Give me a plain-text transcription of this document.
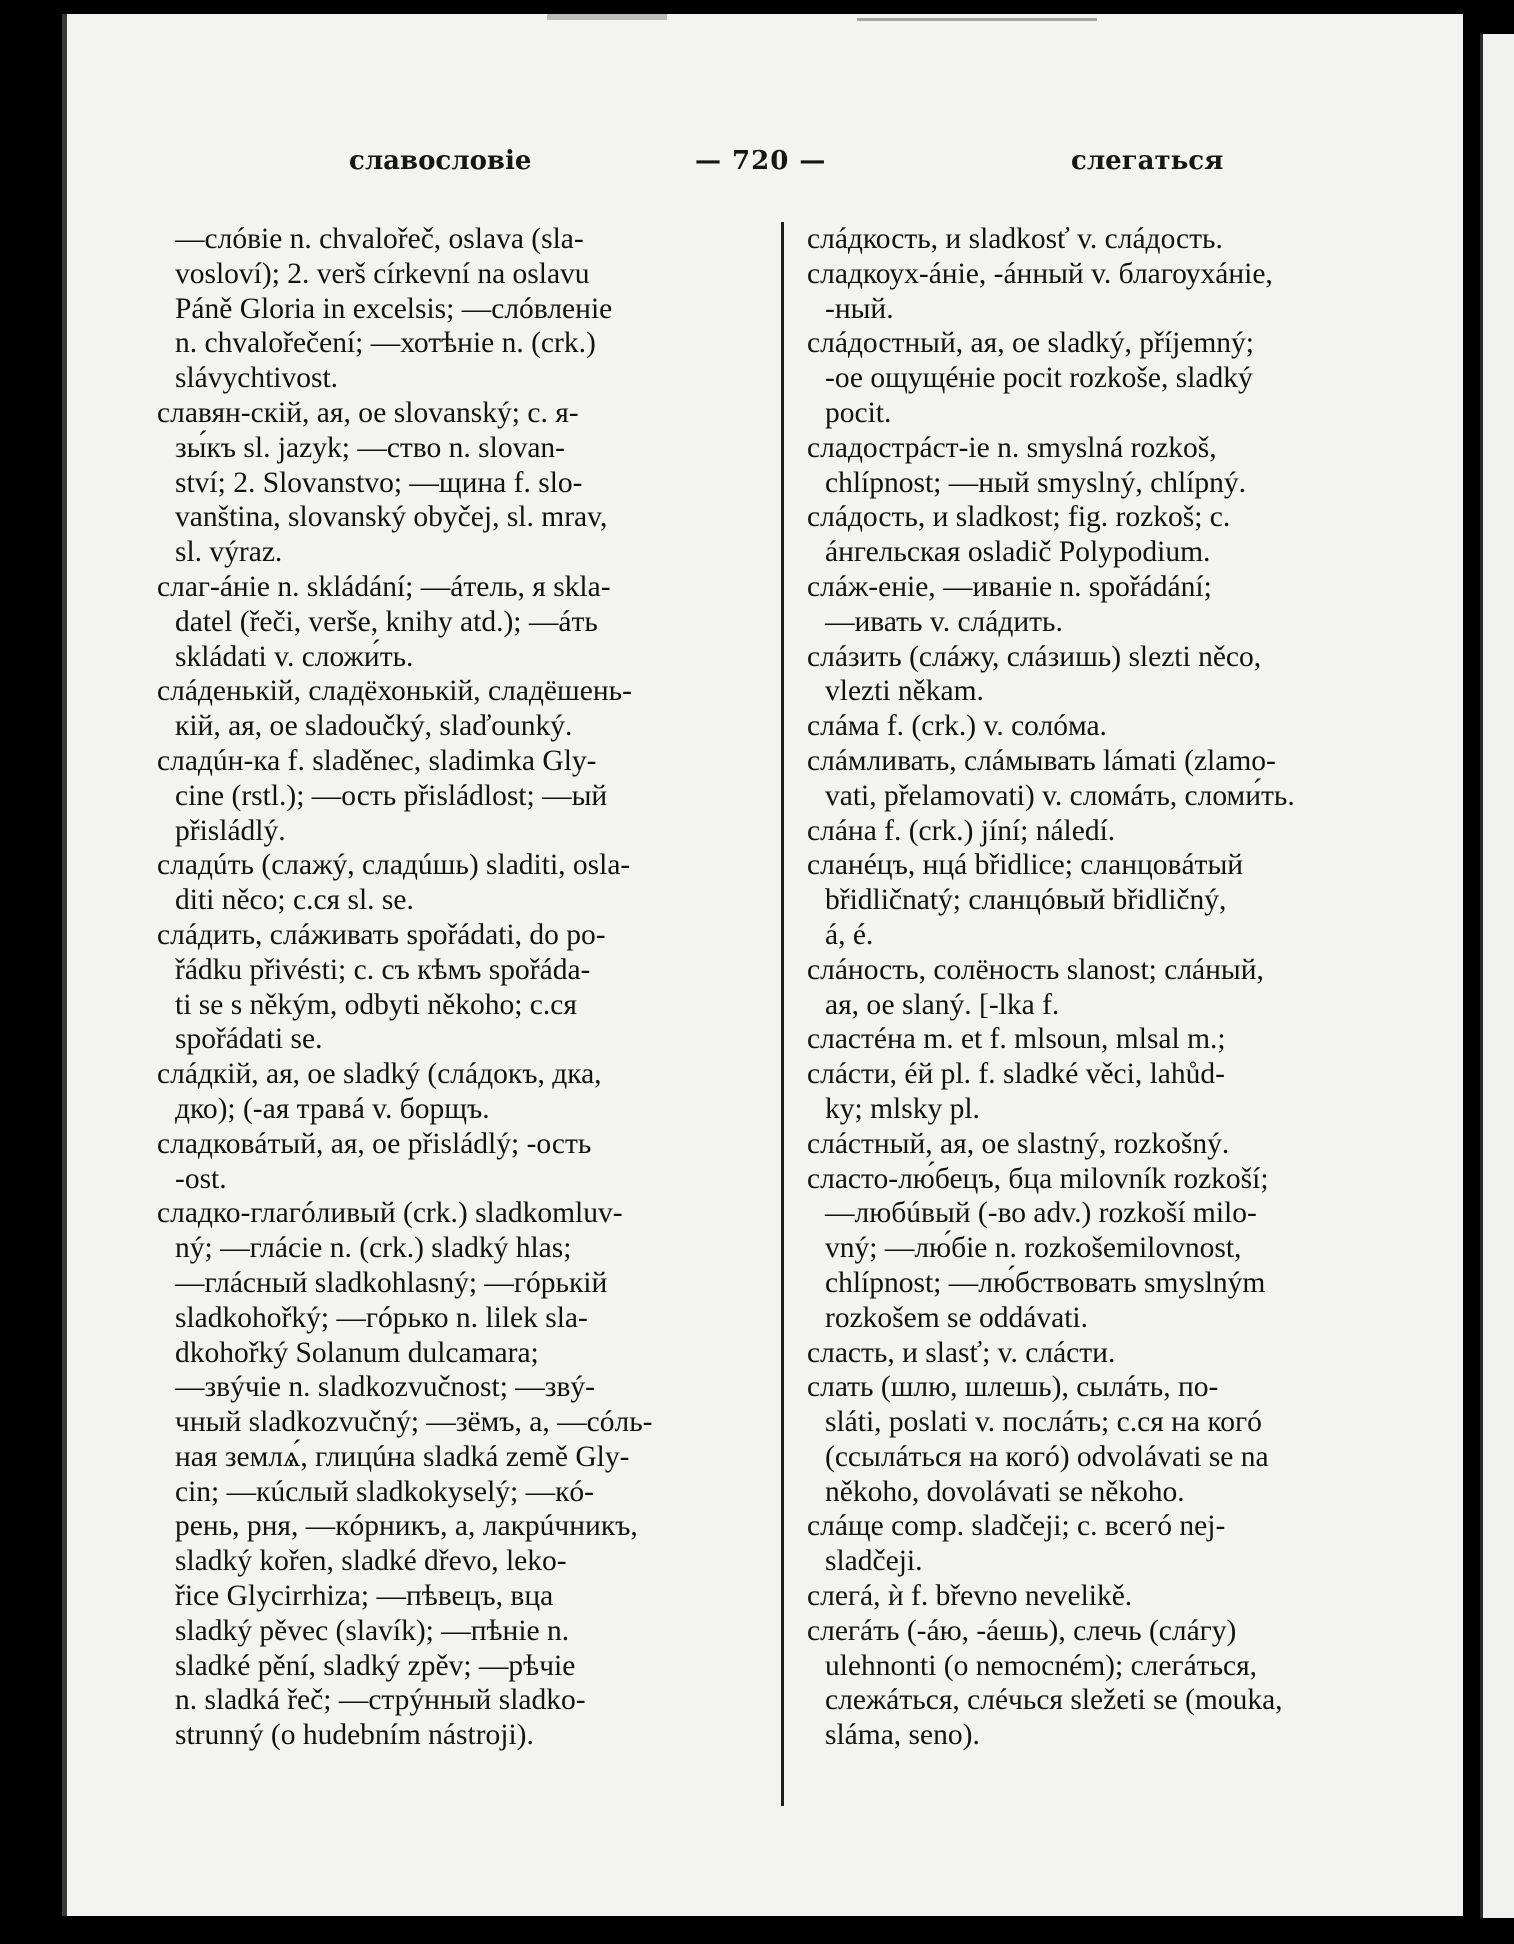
славословіе	— 720 —	слегаться
—слóвіе n. chvalořeč, oslava (sla-
vosloví); 2. verš církevní na oslavu
Páně Gloria in excelsis; —слóвленіе
n. chvalořečení; —хотѣніе n. (crk.)
slávychtivost.
славян-скій, ая, ое slovanský; c. я-
зы́къ sl. jazyk; —ство n. slovan-
ství; 2. Slovanstvo; —щина f. slo-
vanština, slovanský obyčej, sl. mrav,
sl. výraz.
слаг-áніе n. skládání; —áтель, я skla-
datel (řeči, verše, knihy atd.); —áть
skládati v. сложи́ть.
слáденькій, сладёхонькій, сладёшень-
кій, ая, ое sladoučký, slaďounký.
сладúн-ка f. sladěnec, sladimka Gly-
cine (rstl.); —ость přisládlost; —ый
přisládlý.
сладúть (слажý, сладúшь) sladiti, osla-
diti něco; c.ся sl. se.
слáдить, слáживать spořádati, do po-
řádku přivésti; c. съ кѣмъ spořáda-
ti se s někým, odbyti někoho; c.ся
spořádati se.
слáдкій, ая, ое sladký (слáдокъ, дка,
дко); (-ая травá v. борщъ.
сладковáтый, ая, ое přisládlý; -ость
-ost.
сладко-глагóливый (crk.) sladkomluv-
ný; —глáсіе n. (crk.) sladký hlas;
—глáсный sladkohlasný; —гóрькій
sladkohořký; —гóрько n. lilek sla-
dkohořký Solanum dulcamara;
—звýчіе n. sladkozvučnost; —звý-
чный sladkozvučný; —зёмъ, а, —сóль-
ная землѧ́, глицúна sladká země Gly-
cin; —кúслый sladkokyselý; —кó-
рень, рня, —кóрникъ, а, лакрúчникъ,
sladký kořen, sladké dřevo, leko-
řice Glycirrhiza; —пѣвецъ, вца
sladký pěvec (slavík); —пѣніе n.
sladké pění, sladký zpěv; —рѣчіе
n. sladká řeč; —стрýнный sladko-
strunný (o hudebním nástroji).
слáдкость, и sladkosť v. слáдость.
сладкоух-áніе, -áнный v. благоухáніе,
-ный.
слáдостный, ая, ое sladký, příjemný;
-ое ощущéніе pocit rozkoše, sladký
pocit.
сладострáст-іе n. smyslná rozkoš,
chlípnost; —ный smyslný, chlípný.
слáдость, и sladkost; fig. rozkoš; c.
áнгельская osladič Polypodium.
слáж-еніе, —иваніе n. spořádání;
—ивать v. слáдить.
слáзить (слáжу, слáзишь) slezti něco,
vlezti někam.
слáма f. (crk.) v. солóма.
слáмливать, слáмывать lámati (zlamo-
vati, přelamovati) v. сломáть, сломи́ть.
слáна f. (crk.) jíní; náledí.
сланéцъ, нцá břidlice; сланцовáтый
břidličnatý; сланцóвый břidličný,
á, é.
слáность, солёность slanost; слáный,
ая, ое slaný. [-lka f.
сластéна m. et f. mlsoun, mlsal m.;
слáсти, éй pl. f. sladké věci, lahůd-
ky; mlsky pl.
слáстный, ая, ое slastný, rozkošný.
сласто-лю́бецъ, бца milovník rozkoší;
—любúвый (-во adv.) rozkoší milo-
vný; —лю́біе n. rozkošemilovnost,
chlípnost; —лю́бствовать smyslným
rozkošem se oddávati.
сласть, и slasť; v. слáсти.
слать (шлю, шлешь), сылáть, по-
sláti, poslati v. послáть; c.ся на когó
(ссылáться на когó) odvolávati se na
někoho, dovolávati se někoho.
слáще comp. sladčeji; c. всегó nej-
sladčeji.
слегá, ѝ f. břevno nevelikě.
слегáть (-áю, -áешь), слечь (слáгу)
ulehnonti (o nemocném); слегáться,
слежáться, слéчься sležeti se (mouka,
sláma, seno).
